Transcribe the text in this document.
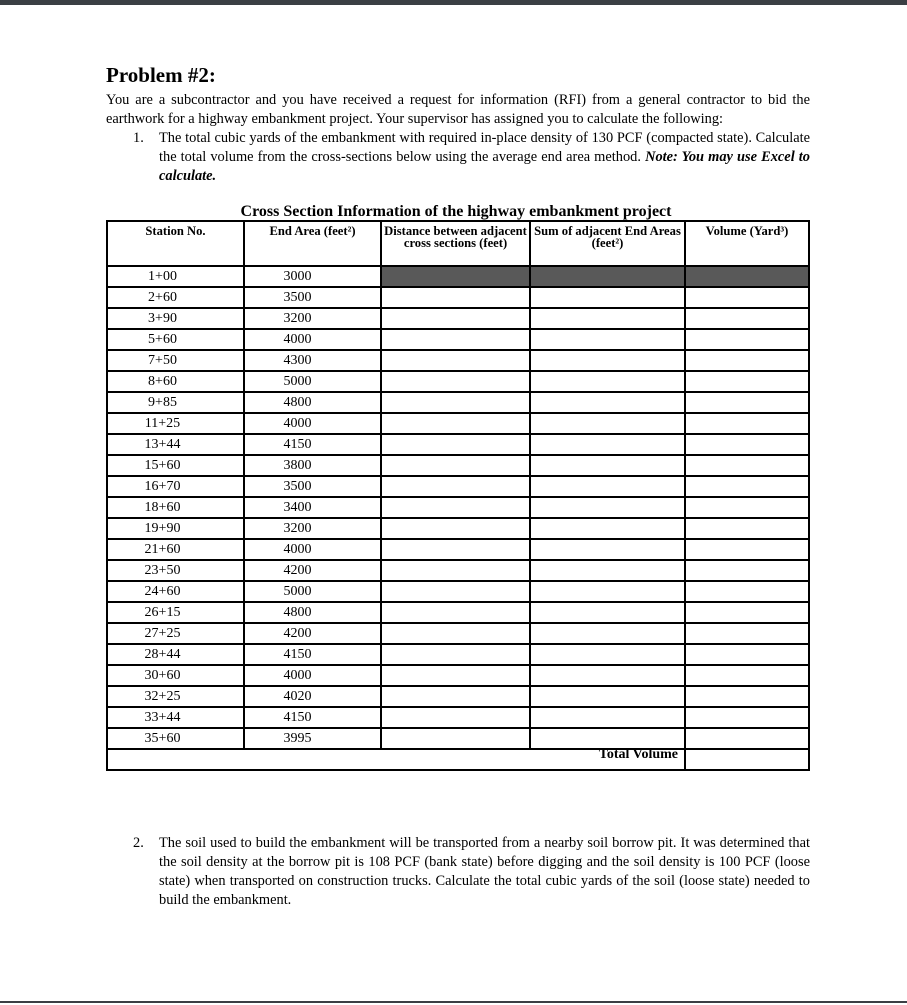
Problem #2:

You are a subcontractor and you have received a request for information (RFI) from a general contractor to bid the earthwork for a highway embankment project. Your supervisor has assigned you to calculate the following:

1. The total cubic yards of the embankment with required in-place density of 130 PCF (compacted state). Calculate the total volume from the cross-sections below using the average end area method. Note: You may use Excel to calculate.
Cross Section Information of the highway embankment project
Station No.	End Area (feet²)	Distance between adjacent cross sections (feet)	Sum of adjacent End Areas (feet²)	Volume (Yard³)
1+00	3000			
2+60	3500			
3+90	3200			
5+60	4000			
7+50	4300			
8+60	5000			
9+85	4800			
11+25	4000			
13+44	4150			
15+60	3800			
16+70	3500			
18+60	3400			
19+90	3200			
21+60	4000			
23+50	4200			
24+60	5000			
26+15	4800			
27+25	4200			
28+44	4150			
30+60	4000			
32+25	4020			
33+44	4150			
35+60	3995			
Total Volume				
2. The soil used to build the embankment will be transported from a nearby soil borrow pit. It was determined that the soil density at the borrow pit is 108 PCF (bank state) before digging and the soil density is 100 PCF (loose state) when transported on construction trucks. Calculate the total cubic yards of the soil (loose state) needed to build the embankment.
